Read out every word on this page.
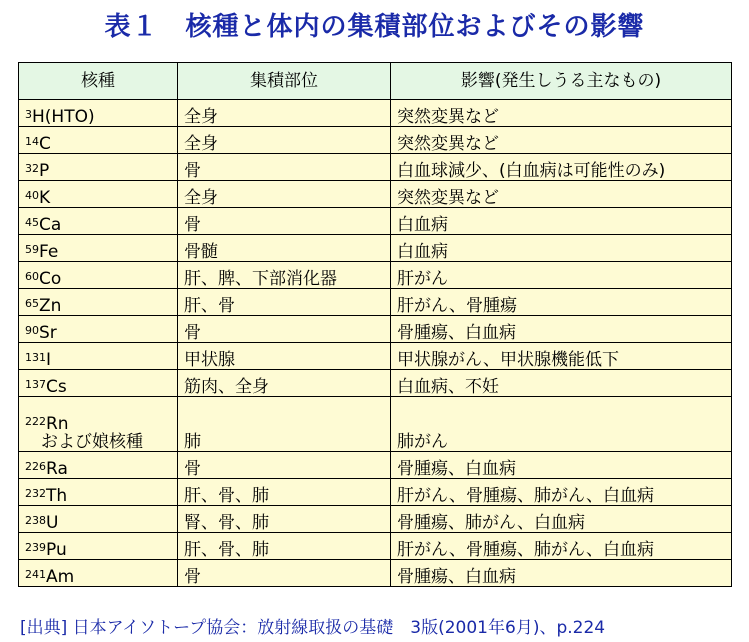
表１　核種と体内の集積部位およびその影響
核種	集積部位	影響(発生しうる主なもの)
$^3$H(HTO)	全身	突然変異など
$^{14}$C	全身	突然変異など
$^{32}$P	骨	白血球減少、(白血病は可能性のみ)
$^{40}$K	全身	突然変異など
$^{45}$Ca	骨	白血病
$^{59}$Fe	骨髄	白血病
$^{60}$Co	肝、脾、下部消化器	肝がん
$^{65}$Zn	肝、骨	肝がん、骨腫瘍
$^{90}$Sr	骨	骨腫瘍、白血病
$^{131}$I	甲状腺	甲状腺がん、甲状腺機能低下
$^{137}$Cs	筋肉、全身	白血病、不妊
$^{222}$Rn
および娘核種	肺	肺がん
$^{226}$Ra	骨	骨腫瘍、白血病
$^{232}$Th	肝、骨、肺	肝がん、骨腫瘍、肺がん、白血病
$^{238}$U	腎、骨、肺	骨腫瘍、肺がん、白血病
$^{239}$Pu	肝、骨、肺	肝がん、骨腫瘍、肺がん、白血病
$^{241}$Am	骨	骨腫瘍、白血病
[出典] 日本アイソトープ協会：放射線取扱の基礎　3版(2001年6月)、p.224
